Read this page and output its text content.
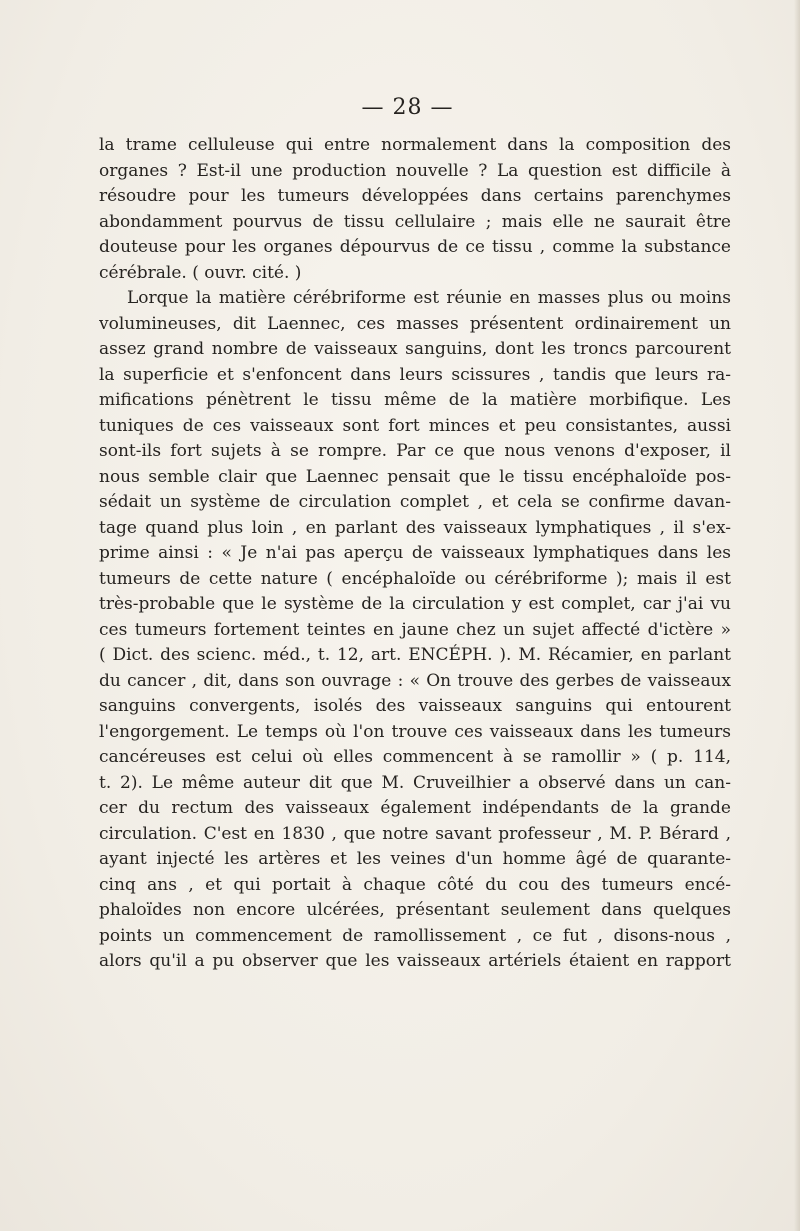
— 28 —
la trame celluleuse qui entre normalement dans la composition des
organes ? Est-il une production nouvelle ? La question est difficile à
résoudre pour les tumeurs développées dans certains parenchymes
abondamment pourvus de tissu cellulaire ; mais elle ne saurait être
douteuse pour les organes dépourvus de ce tissu , comme la substance
cérébrale. ( ouvr. cité. )
Lorque la matière cérébriforme est réunie en masses plus ou moins
volumineuses, dit Laennec, ces masses présentent ordinairement un
assez grand nombre de vaisseaux sanguins, dont les troncs parcourent
la superficie et s'enfoncent dans leurs scissures , tandis que leurs ra-
mifications pénètrent le tissu même de la matière morbifique. Les
tuniques de ces vaisseaux sont fort minces et peu consistantes, aussi
sont-ils fort sujets à se rompre. Par ce que nous venons d'exposer, il
nous semble clair que Laennec pensait que le tissu encéphaloïde pos-
sédait un système de circulation complet , et cela se confirme davan-
tage quand plus loin , en parlant des vaisseaux lymphatiques , il s'ex-
prime ainsi : « Je n'ai pas aperçu de vaisseaux lymphatiques dans les
tumeurs de cette nature ( encéphaloïde ou cérébriforme ); mais il est
très-probable que le système de la circulation y est complet, car j'ai vu
ces tumeurs fortement teintes en jaune chez un sujet affecté d'ictère »
( Dict. des scienc. méd., t. 12, art. ENCÉPH. ). M. Récamier, en parlant
du cancer , dit, dans son ouvrage : « On trouve des gerbes de vaisseaux
sanguins convergents, isolés des vaisseaux sanguins qui entourent
l'engorgement. Le temps où l'on trouve ces vaisseaux dans les tumeurs
cancéreuses est celui où elles commencent à se ramollir » ( p. 114,
t. 2). Le même auteur dit que M. Cruveilhier a observé dans un can-
cer du rectum des vaisseaux également indépendants de la grande
circulation. C'est en 1830 , que notre savant professeur , M. P. Bérard ,
ayant injecté les artères et les veines d'un homme âgé de quarante-
cinq ans , et qui portait à chaque côté du cou des tumeurs encé-
phaloïdes non encore ulcérées, présentant seulement dans quelques
points un commencement de ramollissement , ce fut , disons-nous ,
alors qu'il a pu observer que les vaisseaux artériels étaient en rapport
